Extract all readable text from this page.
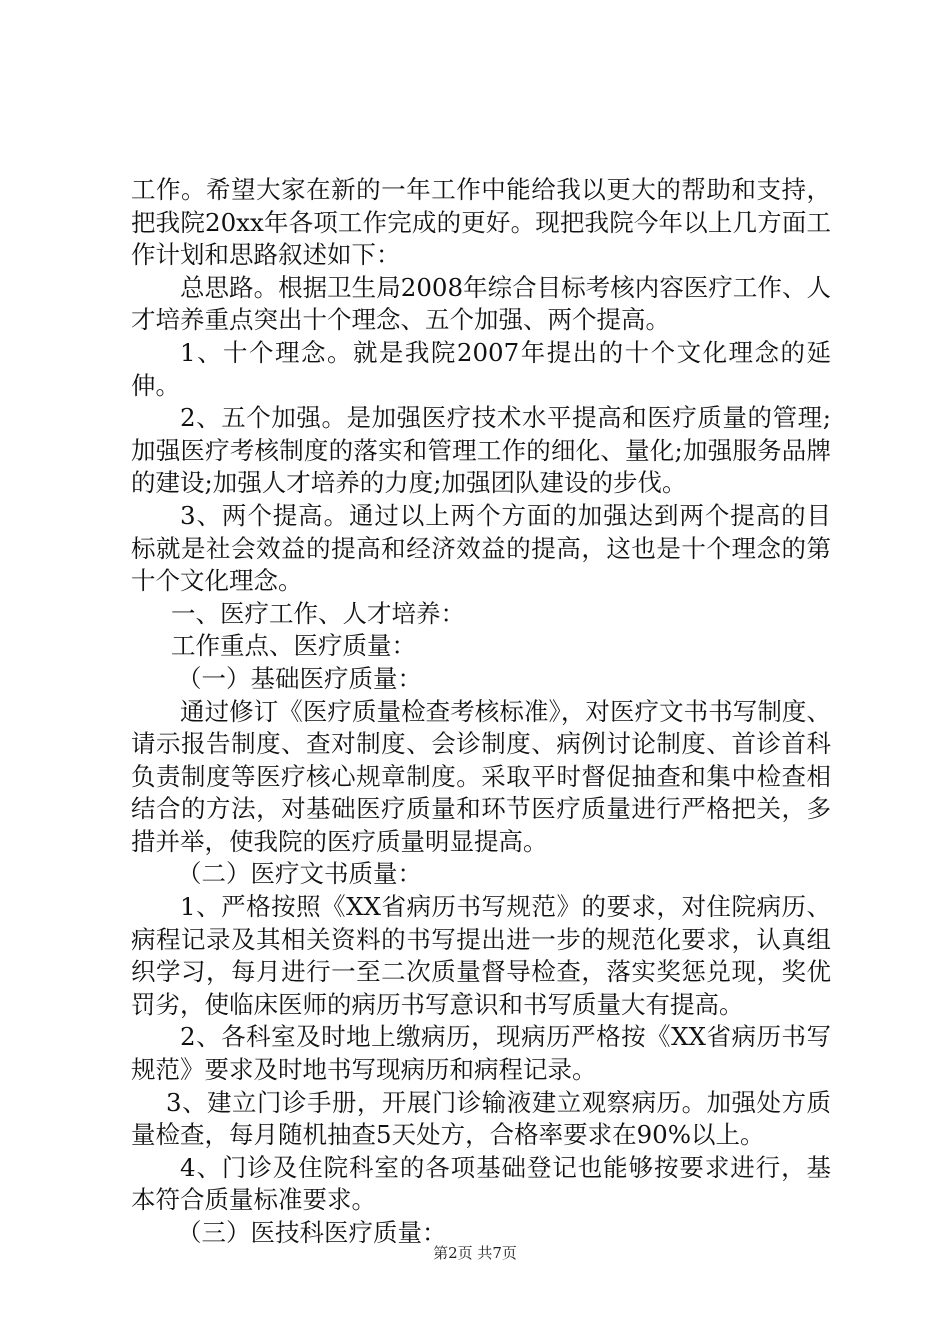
工作。希望大家在新的一年工作中能给我以更大的帮助和支持，把我院20xx年各项工作完成的更好。现把我院今年以上几方面工作计划和思路叙述如下：

总思路。根据卫生局2008年综合目标考核内容医疗工作、人才培养重点突出十个理念、五个加强、两个提高。

1、十个理念。就是我院2007年提出的十个文化理念的延伸。

2、五个加强。是加强医疗技术水平提高和医疗质量的管理;加强医疗考核制度的落实和管理工作的细化、量化;加强服务品牌的建设;加强人才培养的力度;加强团队建设的步伐。

3、两个提高。通过以上两个方面的加强达到两个提高的目标就是社会效益的提高和经济效益的提高，这也是十个理念的第十个文化理念。

一、医疗工作、人才培养：

工作重点、医疗质量：

（一）基础医疗质量：

通过修订《医疗质量检查考核标准》，对医疗文书书写制度、请示报告制度、查对制度、会诊制度、病例讨论制度、首诊首科负责制度等医疗核心规章制度。采取平时督促抽查和集中检查相结合的方法，对基础医疗质量和环节医疗质量进行严格把关，多措并举，使我院的医疗质量明显提高。

（二）医疗文书质量：

1、严格按照《XX省病历书写规范》的要求，对住院病历、病程记录及其相关资料的书写提出进一步的规范化要求，认真组织学习，每月进行一至二次质量督导检查，落实奖惩兑现，奖优罚劣，使临床医师的病历书写意识和书写质量大有提高。

2、各科室及时地上缴病历，现病历严格按《XX省病历书写规范》要求及时地书写现病历和病程记录。

3、建立门诊手册，开展门诊输液建立观察病历。加强处方质量检查，每月随机抽查5天处方，合格率要求在90%以上。

4、门诊及住院科室的各项基础登记也能够按要求进行，基本符合质量标准要求。

（三）医技科医疗质量：

第2页 共7页
